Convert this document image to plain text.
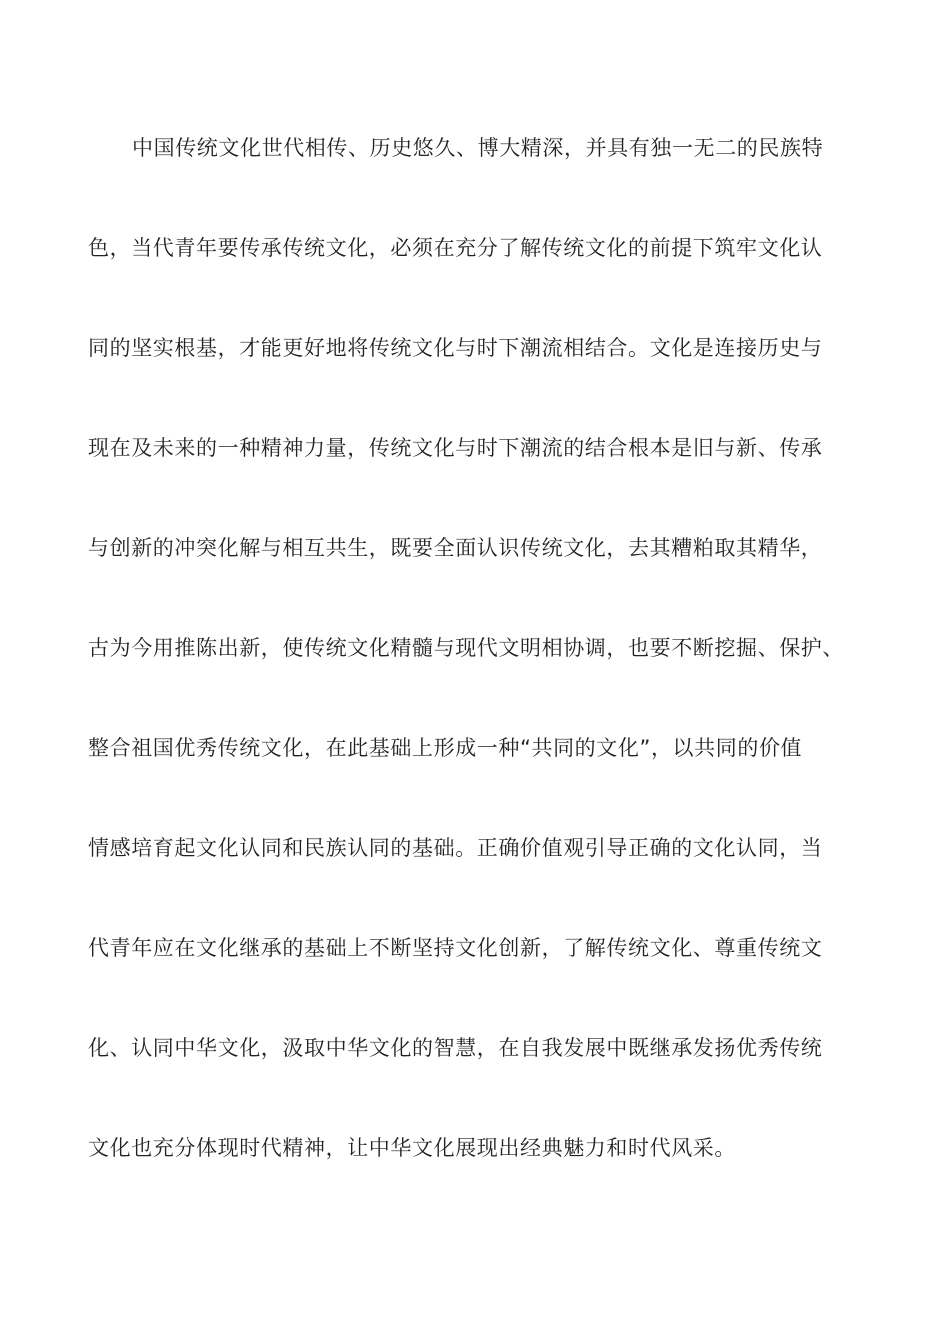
中国传统文化世代相传、历史悠久、博大精深，并具有独一无二的民族特
色，当代青年要传承传统文化，必须在充分了解传统文化的前提下筑牢文化认
同的坚实根基，才能更好地将传统文化与时下潮流相结合。文化是连接历史与
现在及未来的一种精神力量，传统文化与时下潮流的结合根本是旧与新、传承
与创新的冲突化解与相互共生，既要全面认识传统文化，去其糟粕取其精华，
古为今用推陈出新，使传统文化精髓与现代文明相协调，也要不断挖掘、保护、
整合祖国优秀传统文化，在此基础上形成一种“共同的文化”，以共同的价值
情感培育起文化认同和民族认同的基础。正确价值观引导正确的文化认同，当
代青年应在文化继承的基础上不断坚持文化创新，了解传统文化、尊重传统文
化、认同中华文化，汲取中华文化的智慧，在自我发展中既继承发扬优秀传统
文化也充分体现时代精神，让中华文化展现出经典魅力和时代风采。
